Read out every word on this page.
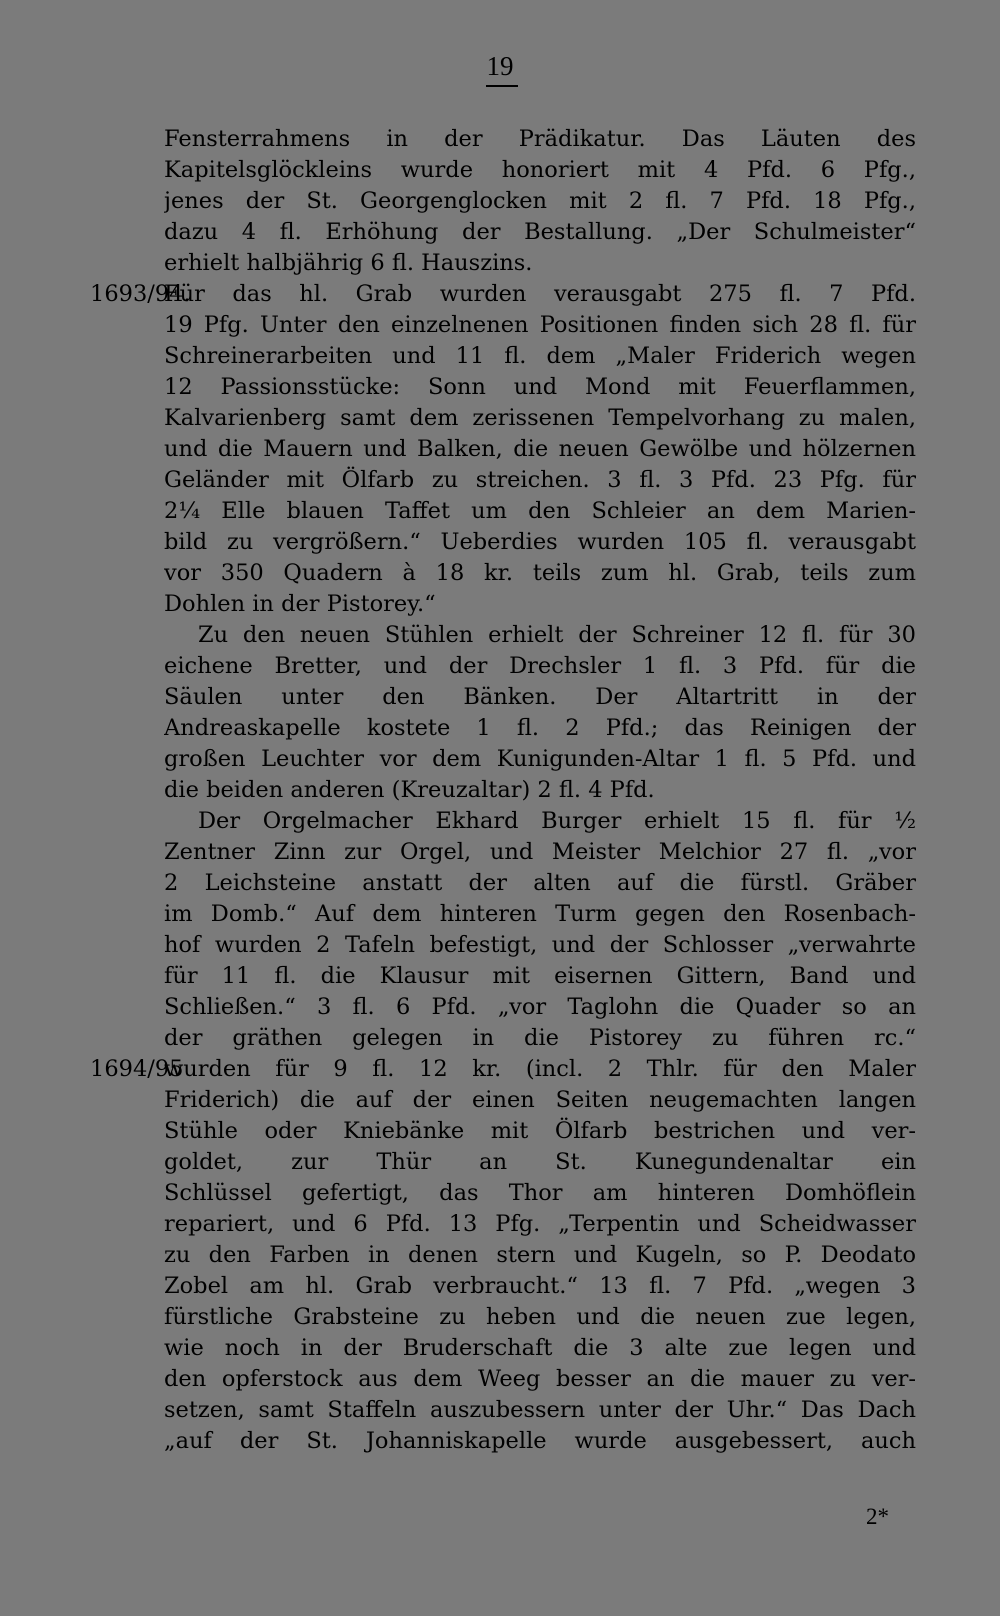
19
Fensterrahmens in der Prädikatur. Das Läuten des
Kapitelsglöckleins wurde honoriert mit 4 Pfd. 6 Pfg.,
jenes der St. Georgenglocken mit 2 fl. 7 Pfd. 18 Pfg.,
dazu 4 fl. Erhöhung der Bestallung. „Der Schulmeister“
erhielt halbjährig 6 fl. Hauszins.
1693/94.
Für das hl. Grab wurden verausgabt 275 fl. 7 Pfd.
19 Pfg. Unter den einzelnenen Positionen finden sich 28 fl. für
Schreinerarbeiten und 11 fl. dem „Maler Friderich wegen
12 Passionsstücke: Sonn und Mond mit Feuerflammen,
Kalvarienberg samt dem zerissenen Tempelvorhang zu malen,
und die Mauern und Balken, die neuen Gewölbe und hölzernen
Geländer mit Ölfarb zu streichen. 3 fl. 3 Pfd. 23 Pfg. für
2¼ Elle blauen Taffet um den Schleier an dem Marien-
bild zu vergrößern.“ Ueberdies wurden 105 fl. verausgabt
vor 350 Quadern à 18 kr. teils zum hl. Grab, teils zum
Dohlen in der Pistorey.“
Zu den neuen Stühlen erhielt der Schreiner 12 fl. für 30
eichene Bretter, und der Drechsler 1 fl. 3 Pfd. für die
Säulen unter den Bänken. Der Altartritt in der
Andreaskapelle kostete 1 fl. 2 Pfd.; das Reinigen der
großen Leuchter vor dem Kunigunden-Altar 1 fl. 5 Pfd. und
die beiden anderen (Kreuzaltar) 2 fl. 4 Pfd.
Der Orgelmacher Ekhard Burger erhielt 15 fl. für ½
Zentner Zinn zur Orgel, und Meister Melchior 27 fl. „vor
2 Leichsteine anstatt der alten auf die fürstl. Gräber
im Domb.“ Auf dem hinteren Turm gegen den Rosenbach-
hof wurden 2 Tafeln befestigt, und der Schlosser „verwahrte
für 11 fl. die Klausur mit eisernen Gittern, Band und
Schließen.“ 3 fl. 6 Pfd. „vor Taglohn die Quader so an
der gräthen gelegen in die Pistorey zu führen rc.“
1694/95
wurden für 9 fl. 12 kr. (incl. 2 Thlr. für den Maler
Friderich) die auf der einen Seiten neugemachten langen
Stühle oder Kniebänke mit Ölfarb bestrichen und ver-
goldet, zur Thür an St. Kunegundenaltar ein
Schlüssel gefertigt, das Thor am hinteren Domhöflein
repariert, und 6 Pfd. 13 Pfg. „Terpentin und Scheidwasser
zu den Farben in denen stern und Kugeln, so P. Deodato
Zobel am hl. Grab verbraucht.“ 13 fl. 7 Pfd. „wegen 3
fürstliche Grabsteine zu heben und die neuen zue legen,
wie noch in der Bruderschaft die 3 alte zue legen und
den opferstock aus dem Weeg besser an die mauer zu ver-
setzen, samt Staffeln auszubessern unter der Uhr.“ Das Dach
„auf der St. Johanniskapelle wurde ausgebessert, auch
2*
